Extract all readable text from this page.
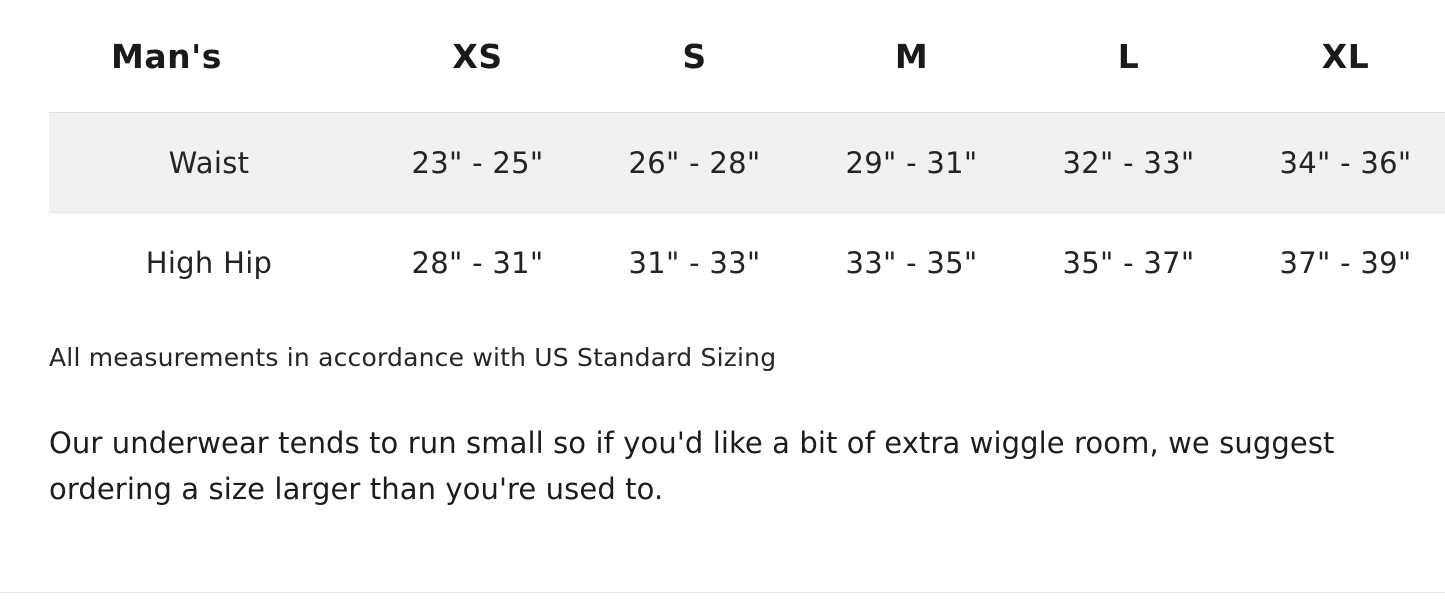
Man's	XS	S	M	L	XL
Waist	23" - 25"	26" - 28"	29" - 31"	32" - 33"	34" - 36"
High Hip	28" - 31"	31" - 33"	33" - 35"	35" - 37"	37" - 39"
All measurements in accordance with US Standard Sizing
Our underwear tends to run small so if you'd like a bit of extra wiggle room, we suggest ordering a size larger than you're used to.
